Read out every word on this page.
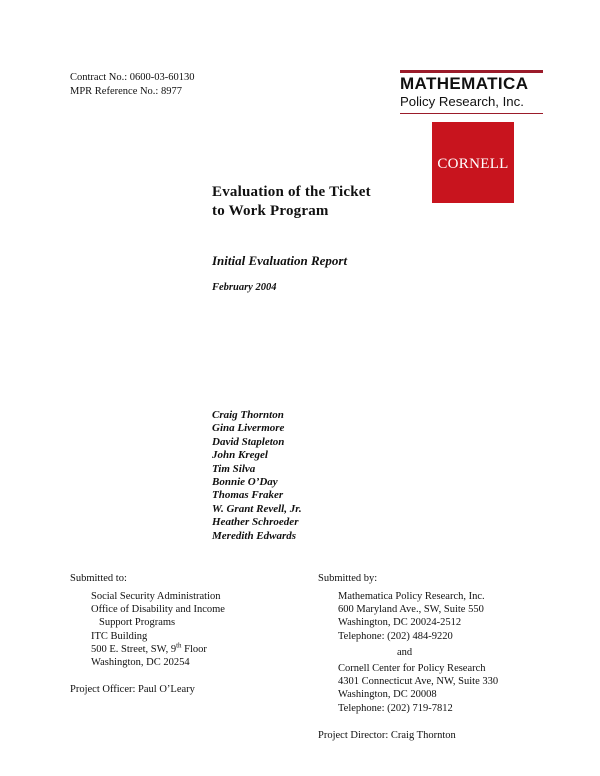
Contract No.: 0600-03-60130
MPR Reference No.: 8977	MATHEMATICA
Policy Research, Inc.
CORNELL
Evaluation of the Ticket
to Work Program
Initial Evaluation Report
February 2004
Craig Thornton
Gina Livermore
David Stapleton
John Kregel
Tim Silva
Bonnie O’Day
Thomas Fraker
W. Grant Revell, Jr.
Heather Schroeder
Meredith Edwards
Submitted to:
Social Security Administration
Office of Disability and Income
Support Programs
ITC Building
500 E. Street, SW, 9th Floor
Washington, DC 20254
Project Officer: Paul O’Leary
Submitted by:
Mathematica Policy Research, Inc.
600 Maryland Ave., SW, Suite 550
Washington, DC 20024-2512
Telephone: (202) 484-9220
and
Cornell Center for Policy Research
4301 Connecticut Ave, NW, Suite 330
Washington, DC 20008
Telephone: (202) 719-7812
Project Director: Craig Thornton
